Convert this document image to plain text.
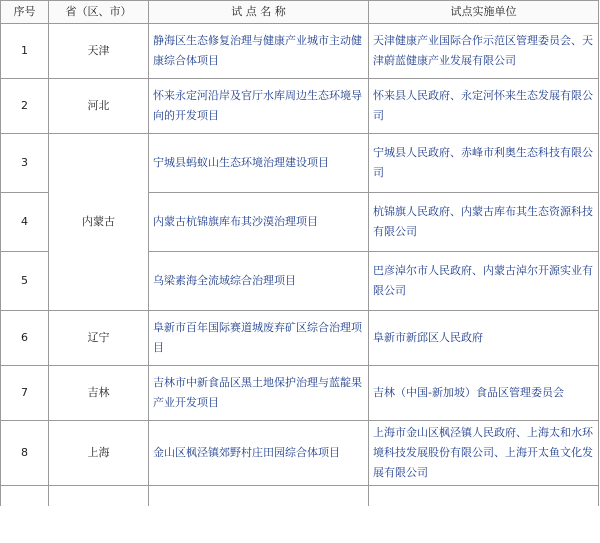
序号	省（区、市）	试 点 名 称	试点实施单位
1	天津	静海区生态修复治理与健康产业城市主动健康综合体项目	天津健康产业国际合作示范区管理委员会、天津蔚蓝健康产业发展有限公司
2	河北	怀来永定河沿岸及官厅水库周边生态环境导向的开发项目	怀来县人民政府、永定河怀来生态发展有限公司
3	内蒙古	宁城县蚂蚁山生态环境治理建设项目	宁城县人民政府、赤峰市利奥生态科技有限公司
4		内蒙古杭锦旗库布其沙漠治理项目	杭锦旗人民政府、内蒙古库布其生态资源科技有限公司
5		乌梁素海全流域综合治理项目	巴彦淖尔市人民政府、内蒙古淖尔开源实业有限公司
6	辽宁	阜新市百年国际赛道城废弃矿区综合治理项目	阜新市新邱区人民政府
7	吉林	吉林市中新食品区黑土地保护治理与蓝靛果产业开发项目	吉林（中国-新加坡）食品区管理委员会
8	上海	金山区枫泾镇郊野村庄田园综合体项目	上海市金山区枫泾镇人民政府、上海太和水环境科技发展股份有限公司、上海开太鱼文化发展有限公司
